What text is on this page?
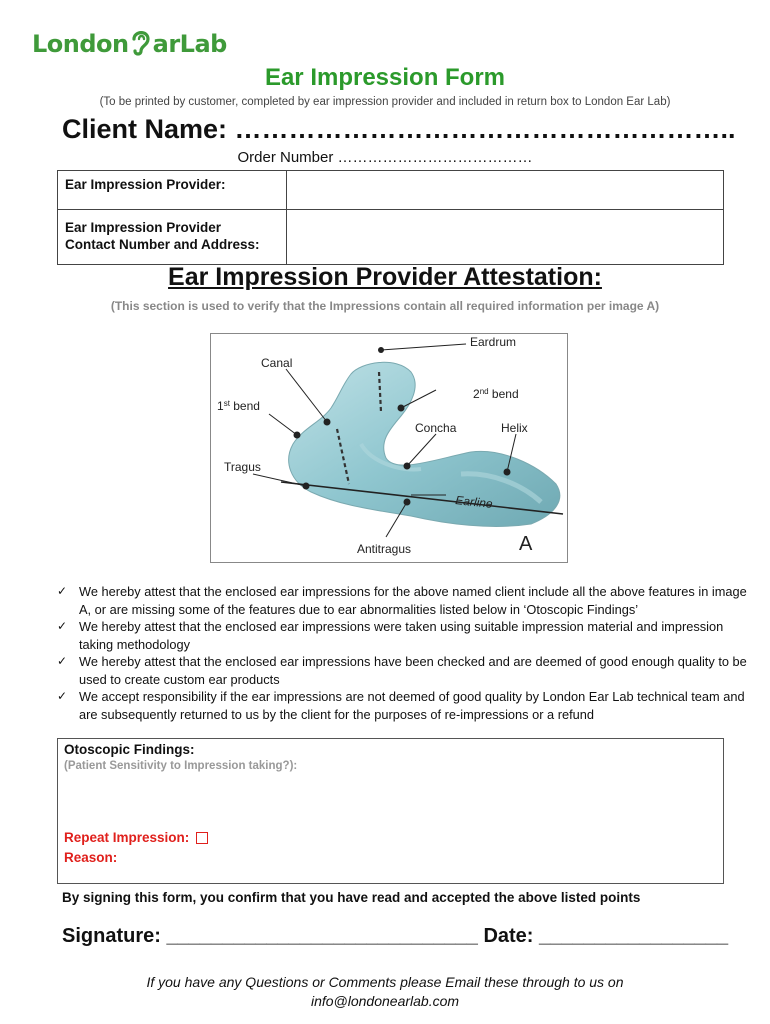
London arLab
Ear Impression Form
(To be printed by customer, completed by ear impression provider and included in return box to London Ear Lab)
Client Name: ………………………………………………..
Order Number …………………………………
Ear Impression Provider:	

Ear Impression Provider
Contact Number and Address:	

Ear Impression Provider Attestation:
(This section is used to verify that the Impressions contain all required information per image A)
Eardrum
Canal
1st bend
2nd bend
Concha	Helix
Tragus
Earline
Antitragus	A
✓ We hereby attest that the enclosed ear impressions for the above named client include all the above features in image A, or are missing some of the features due to ear abnormalities listed below in ‘Otoscopic Findings’
✓ We hereby attest that the enclosed ear impressions were taken using suitable impression material and impression taking methodology
✓ We hereby attest that the enclosed ear impressions have been checked and are deemed of good enough quality to be used to create custom ear products
✓ We accept responsibility if the ear impressions are not deemed of good quality by London Ear Lab technical team and are subsequently returned to us by the client for the purposes of re-impressions or a refund
Otoscopic Findings:
(Patient Sensitivity to Impression taking?):
Repeat Impression:
Reason:
By signing this form, you confirm that you have read and accepted the above listed points
Signature: ____________________________ Date: _________________
If you have any Questions or Comments please Email these through to us on
info@londonearlab.com
